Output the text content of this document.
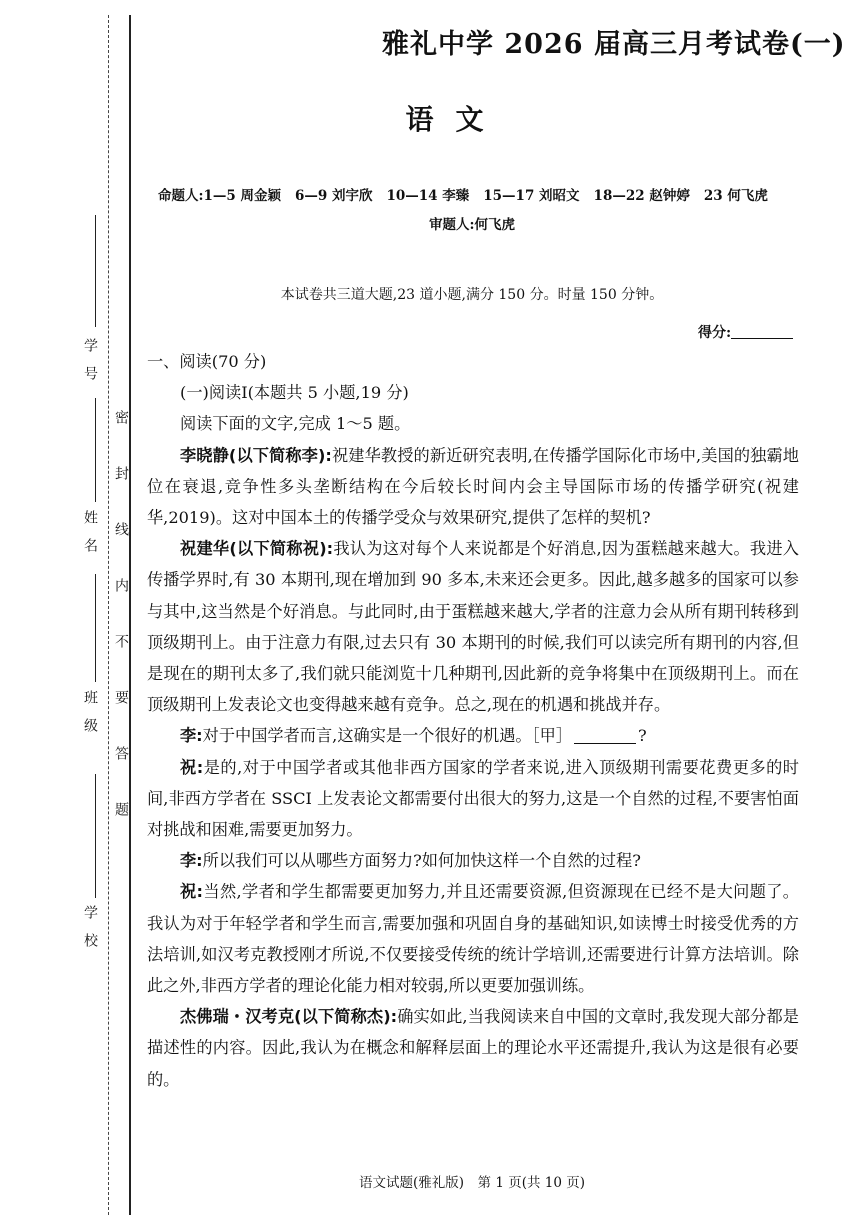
学　号
姓　名
班　级
学　校
密　封　线　内　不　要　答　题
雅礼中学 2026 届高三月考试卷(一)
语文
命题人:1—5 周金颖 6—9 刘宇欣 10—14 李臻 15—17 刘昭文 18—22 赵钟婷 23 何飞虎
审题人:何飞虎
本试卷共三道大题,23 道小题,满分 150 分。时量 150 分钟。
得分:

一、阅读(70 分)

(一)阅读Ⅰ(本题共 5 小题,19 分)

阅读下面的文字,完成 1～5 题。

李晓静(以下简称李):祝建华教授的新近研究表明,在传播学国际化市场中,美国的独霸地位在衰退,竞争性多头垄断结构在今后较长时间内会主导国际市场的传播学研究(祝建华,2019)。这对中国本土的传播学受众与效果研究,提供了怎样的契机?

祝建华(以下简称祝):我认为这对每个人来说都是个好消息,因为蛋糕越来越大。我进入传播学界时,有 30 本期刊,现在增加到 90 多本,未来还会更多。因此,越多越多的国家可以参与其中,这当然是个好消息。与此同时,由于蛋糕越来越大,学者的注意力会从所有期刊转移到顶级期刊上。由于注意力有限,过去只有 30 本期刊的时候,我们可以读完所有期刊的内容,但是现在的期刊太多了,我们就只能浏览十几种期刊,因此新的竞争将集中在顶级期刊上。而在顶级期刊上发表论文也变得越来越有竞争。总之,现在的机遇和挑战并存。

李:对于中国学者而言,这确实是一个很好的机遇。［甲］	?

祝:是的,对于中国学者或其他非西方国家的学者来说,进入顶级期刊需要花费更多的时间,非西方学者在 SSCI 上发表论文都需要付出很大的努力,这是一个自然的过程,不要害怕面对挑战和困难,需要更加努力。

李:所以我们可以从哪些方面努力?如何加快这样一个自然的过程?

祝:当然,学者和学生都需要更加努力,并且还需要资源,但资源现在已经不是大问题了。我认为对于年轻学者和学生而言,需要加强和巩固自身的基础知识,如读博士时接受优秀的方法培训,如汉考克教授刚才所说,不仅要接受传统的统计学培训,还需要进行计算方法培训。除此之外,非西方学者的理论化能力相对较弱,所以更要加强训练。

杰佛瑞・汉考克(以下简称杰):确实如此,当我阅读来自中国的文章时,我发现大部分都是描述性的内容。因此,我认为在概念和解释层面上的理论水平还需提升,我认为这是很有必要的。

语文试题(雅礼版)　第 1 页(共 10 页)
